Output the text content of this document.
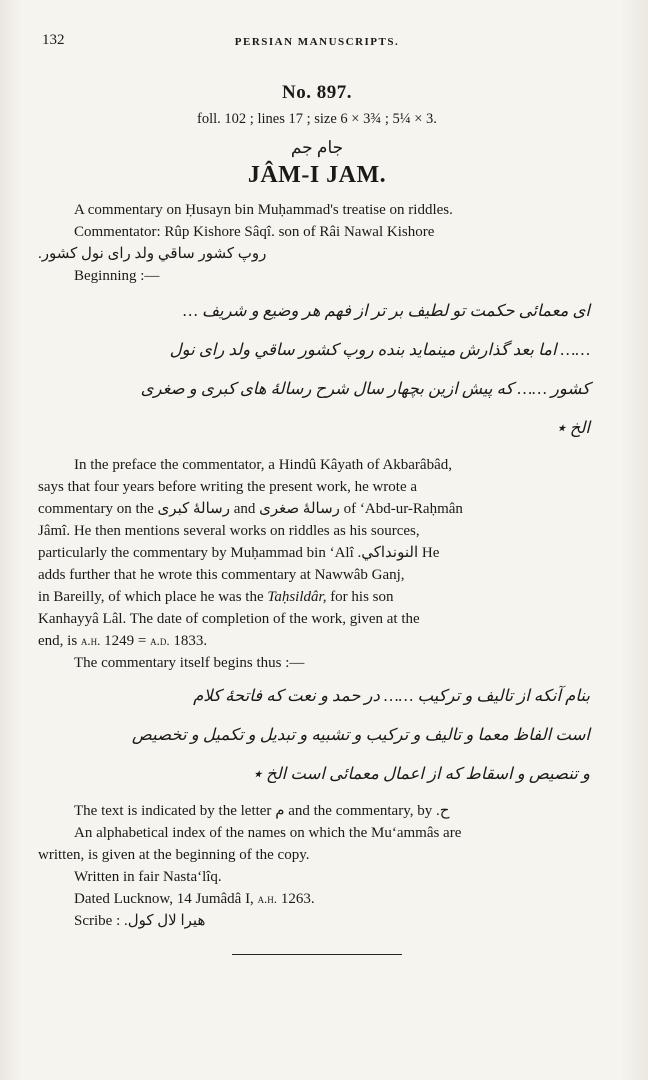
132	PERSIAN MANUSCRIPTS.
No. 897.
foll. 102 ; lines 17 ; size 6 × 3¾ ; 5¼ × 3.
جام جم
JÂM-I JAM.

A commentary on Ḥusayn bin Muḥammad's treatise on riddles.

Commentator: Rûp Kishore Sâqî. son of Râi Nawal Kishore

روپ کشور ساقي ولد راى نول کشور.

Beginning :—

اى معمائى حکمت تو لطيف بر تر از فهم هر وضيع و شريف …
…… اما بعد گذارش مينمايد بنده روپ کشور ساقي ولد راى نول
کشور …… که پيش ازين بچهار سال شرح رسالهٔ هاى کبرى و صغرى
الخ ٭

In the preface the commentator, a Hindû Kâyath of Akbarâbâd,

says that four years before writing the present work, he wrote a

commentary on the رسالهٔ کبرى and رسالهٔ صغرى of ‘Abd-ur-Raḥmân

Jâmî. He then mentions several works on riddles as his sources,

particularly the commentary by Muḥammad bin ‘Alî النونداکي. He

adds further that he wrote this commentary at Nawwâb Ganj,

in Bareilly, of which place he was the Taḥsildâr, for his son

Kanhayyâ Lâl. The date of completion of the work, given at the

end, is a.h. 1249 = a.d. 1833.

The commentary itself begins thus :—

بنام آنکه از تاليف و ترکيب …… در حمد و نعت که فاتحهٔ کلام
است الفاظ معما و تاليف و ترکيب و تشبيه و تبديل و تکميل و تخصيص
و تنصيص و اسقاط که از اعمال معمائى است الخ ٭

The text is indicated by the letter م and the commentary, by ح.

An alphabetical index of the names on which the Mu‘ammâs are

written, is given at the beginning of the copy.

Written in fair Nasta‘lîq.

Dated Lucknow, 14 Jumâdâ I, a.h. 1263.

Scribe : هيرا لال کول.
